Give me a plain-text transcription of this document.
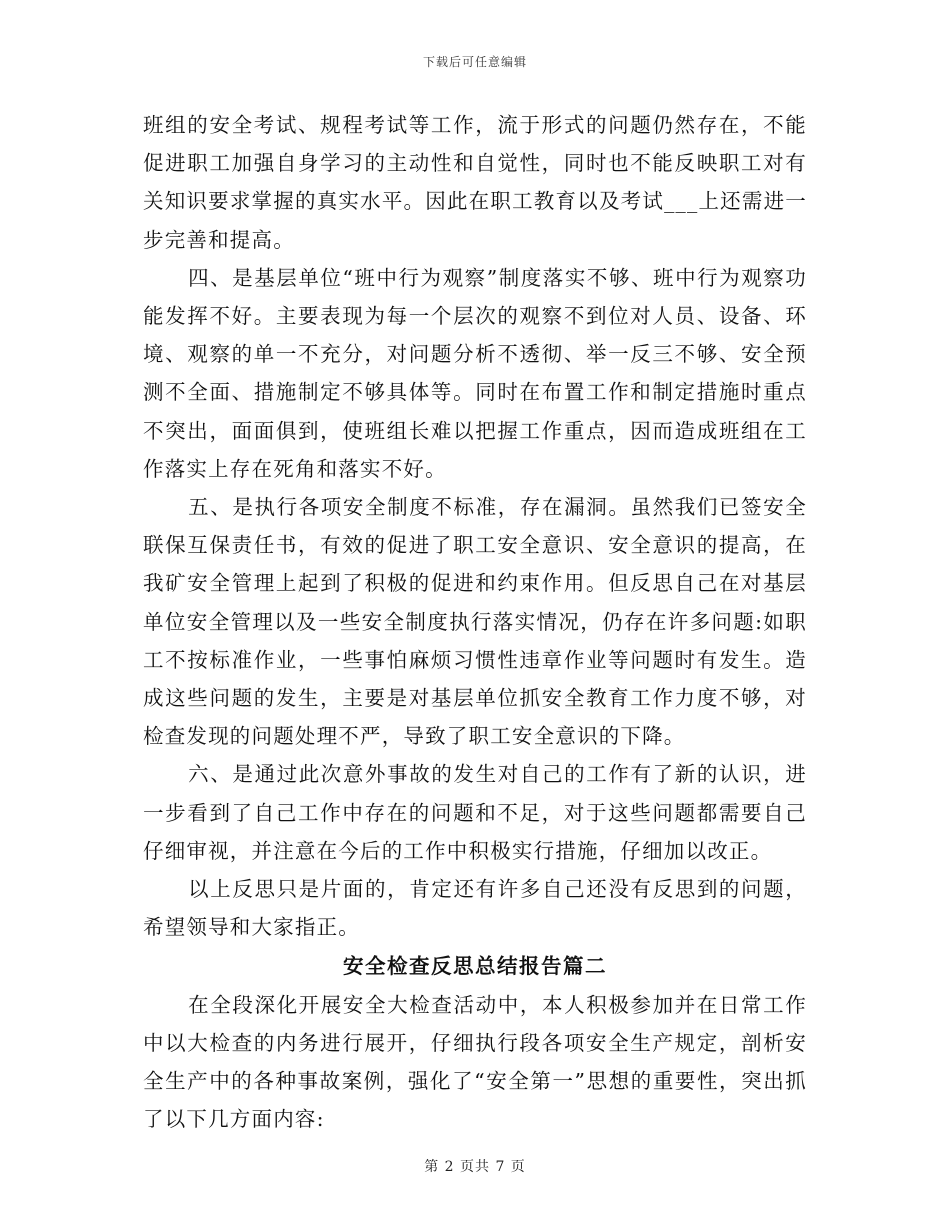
下载后可任意编辑

班组的安全考试、规程考试等工作，流于形式的问题仍然存在，不能促进职工加强自身学习的主动性和自觉性，同时也不能反映职工对有关知识要求掌握的真实水平。因此在职工教育以及考试___上还需进一步完善和提高。

四、是基层单位“班中行为观察”制度落实不够、班中行为观察功能发挥不好。主要表现为每一个层次的观察不到位对人员、设备、环境、观察的单一不充分，对问题分析不透彻、举一反三不够、安全预测不全面、措施制定不够具体等。同时在布置工作和制定措施时重点不突出，面面俱到，使班组长难以把握工作重点，因而造成班组在工作落实上存在死角和落实不好。

五、是执行各项安全制度不标准，存在漏洞。虽然我们已签安全联保互保责任书，有效的促进了职工安全意识、安全意识的提高，在我矿安全管理上起到了积极的促进和约束作用。但反思自己在对基层单位安全管理以及一些安全制度执行落实情况，仍存在许多问题:如职工不按标准作业，一些事怕麻烦习惯性违章作业等问题时有发生。造成这些问题的发生，主要是对基层单位抓安全教育工作力度不够，对检查发现的问题处理不严，导致了职工安全意识的下降。

六、是通过此次意外事故的发生对自己的工作有了新的认识，进一步看到了自己工作中存在的问题和不足，对于这些问题都需要自己仔细审视，并注意在今后的工作中积极实行措施，仔细加以改正。

以上反思只是片面的，肯定还有许多自己还没有反思到的问题，希望领导和大家指正。

安全检查反思总结报告篇二

在全段深化开展安全大检查活动中，本人积极参加并在日常工作中以大检查的内务进行展开，仔细执行段各项安全生产规定，剖析安全生产中的各种事故案例，强化了“安全第一”思想的重要性，突出抓了以下几方面内容:

第 2 页共 7 页
